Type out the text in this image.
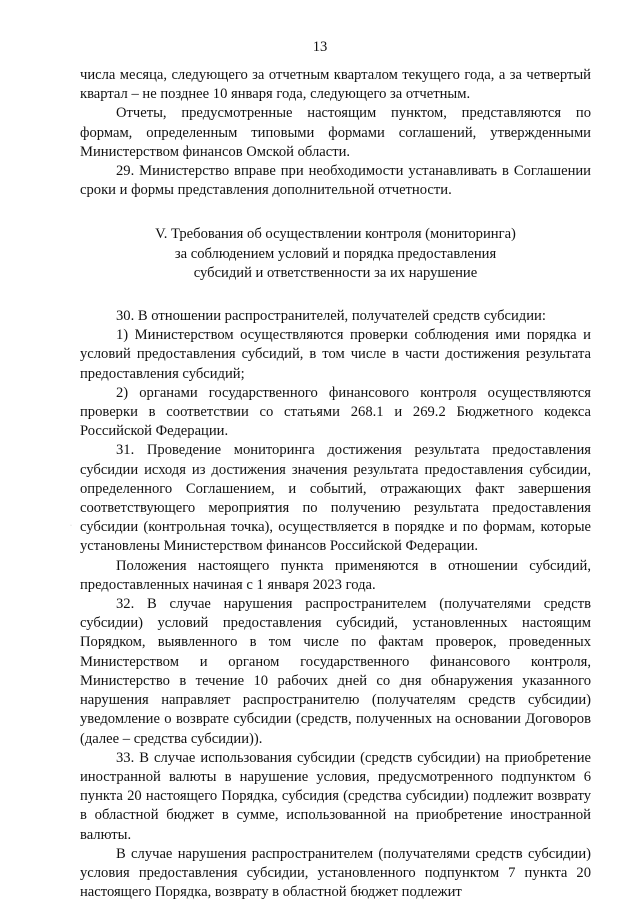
13
·

числа месяца, следующего за отчетным кварталом текущего года, а за четвертый квартал – не позднее 10 января года, следующего за отчетным.

Отчеты, предусмотренные настоящим пунктом, представляются по формам, определенным типовыми формами соглашений, утвержденными Министерством финансов Омской области.

29. Министерство вправе при необходимости устанавливать в Соглашении сроки и формы представления дополнительной отчетности.

V. Требования об осуществлении контроля (мониторинга)
за соблюдением условий и порядка предоставления
субсидий и ответственности за их нарушение

30. В отношении распространителей, получателей средств субсидии:

1) Министерством осуществляются проверки соблюдения ими порядка и условий предоставления субсидий, в том числе в части достижения результата предоставления субсидий;

2) органами государственного финансового контроля осуществляются проверки в соответствии со статьями 268.1 и 269.2 Бюджетного кодекса Российской Федерации.

31. Проведение мониторинга достижения результата предоставления субсидии исходя из достижения значения результата предоставления субсидии, определенного Соглашением, и событий, отражающих факт завершения соответствующего мероприятия по получению результата предоставления субсидии (контрольная точка), осуществляется в порядке и по формам, которые установлены Министерством финансов Российской Федерации.

Положения настоящего пункта применяются в отношении субсидий, предоставленных начиная с 1 января 2023 года.

32. В случае нарушения распространителем (получателями средств субсидии) условий предоставления субсидий, установленных настоящим Порядком, выявленного в том числе по фактам проверок, проведенных Министерством и органом государственного финансового контроля, Министерство в течение 10 рабочих дней со дня обнаружения указанного нарушения направляет распространителю (получателям средств субсидии) уведомление о возврате субсидии (средств, полученных на основании Договоров (далее – средства субсидии)).

33. В случае использования субсидии (средств субсидии) на приобретение иностранной валюты в нарушение условия, предусмотренного подпунктом 6 пункта 20 настоящего Порядка, субсидия (средства субсидии) подлежит возврату в областной бюджет в сумме, использованной на приобретение иностранной валюты.

В случае нарушения распространителем (получателями средств субсидии) условия предоставления субсидии, установленного подпунктом 7 пункта 20 настоящего Порядка, возврату в областной бюджет подлежит
